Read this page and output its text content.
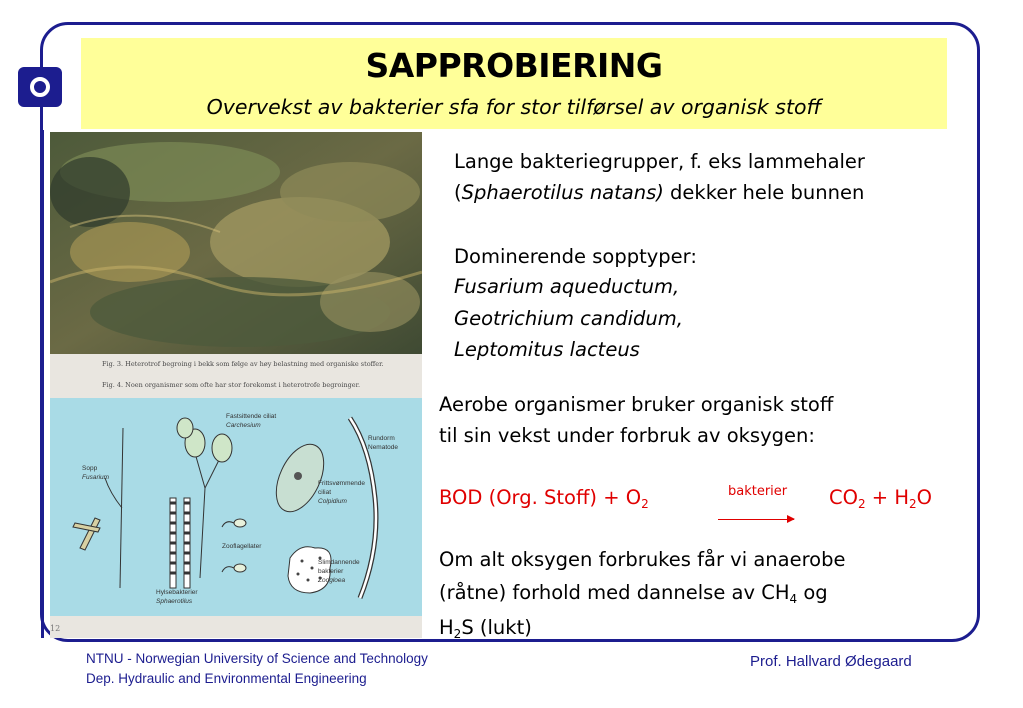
SAPPROBIERING
Overvekst av bakterier sfa for stor tilførsel av organisk stoff
Fig. 3. Heterotrof begroing i bekk som følge av høy belastning med organiske stoffer.
Fig. 4. Noen organismer som ofte har stor forekomst i heterotrofe begroinger.
Fastsittende ciliat
Carchesium
Rundorm
Nematode
Sopp
Fusarium
Frittsvømmende
ciliat
Colpidium
Zooflagellater
Slimdannende
bakterier
Zoogloea
Hylsebakterier
Sphaerotilus
12
Lange bakteriegrupper, f. eks lammehaler
(Sphaerotilus natans) dekker hele bunnen
Dominerende sopptyper:
Fusarium aqueductum,
Geotrichium candidum,
Leptomitus lacteus
Aerobe organismer bruker organisk stoff
til sin vekst under forbruk av oksygen:
BOD (Org. Stoff) + $O_2$
bakterier $CO_2 + H_2O$
Om alt oksygen forbrukes får vi anaerobe
(råtne) forhold med dannelse av $CH_4$ og
$H_2S$ (lukt)
NTNU - Norwegian University of Science and Technology
Dep. Hydraulic and Environmental Engineering
Prof. Hallvard Ødegaard
